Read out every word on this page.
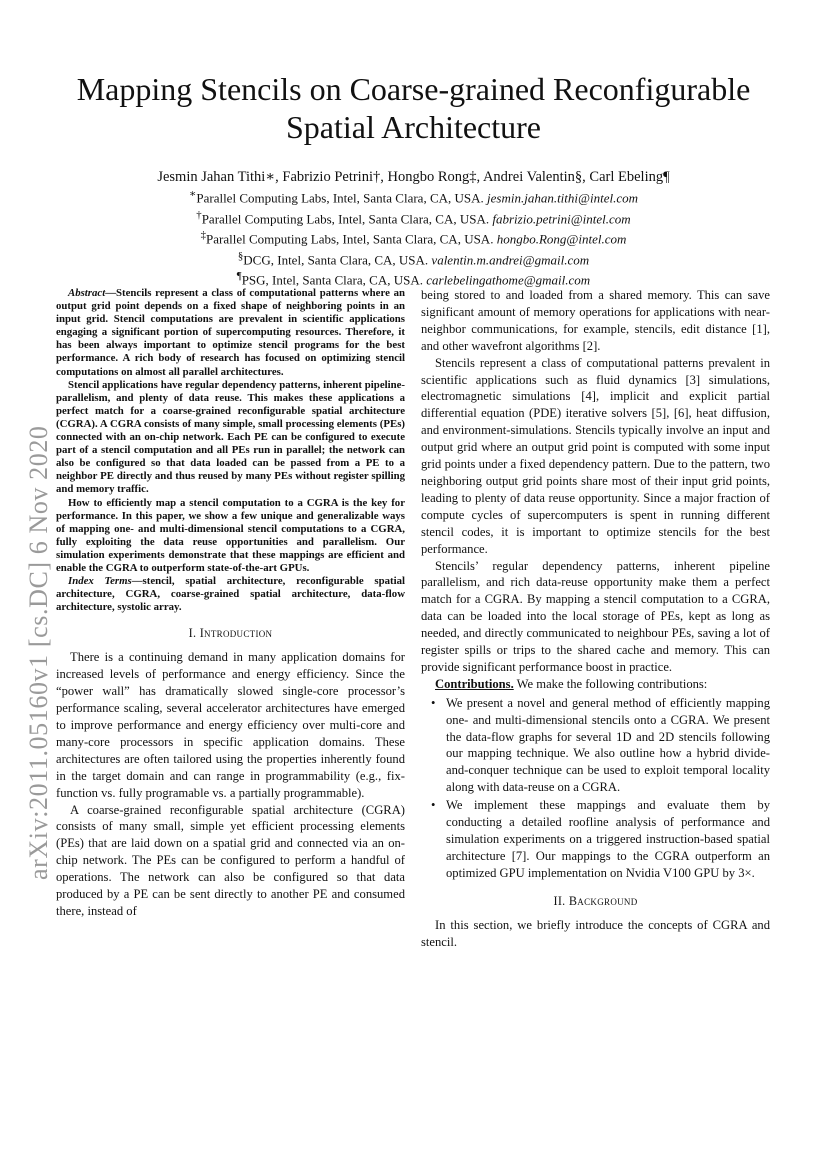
arXiv:2011.05160v1 [cs.DC] 6 Nov 2020
Mapping Stencils on Coarse-grained Reconfigurable
Spatial Architecture
Jesmin Jahan Tithi∗, Fabrizio Petrini†, Hongbo Rong‡, Andrei Valentin§, Carl Ebeling¶
∗Parallel Computing Labs, Intel, Santa Clara, CA, USA. jesmin.jahan.tithi@intel.com
†Parallel Computing Labs, Intel, Santa Clara, CA, USA. fabrizio.petrini@intel.com
‡Parallel Computing Labs, Intel, Santa Clara, CA, USA. hongbo.Rong@intel.com
§DCG, Intel, Santa Clara, CA, USA. valentin.m.andrei@gmail.com
¶PSG, Intel, Santa Clara, CA, USA. carlebelingathome@gmail.com

Abstract—Stencils represent a class of computational patterns where an output grid point depends on a fixed shape of neighboring points in an input grid. Stencil computations are prevalent in scientific applications engaging a significant portion of supercomputing resources. Therefore, it has been always important to optimize stencil programs for the best performance. A rich body of research has focused on optimizing stencil computations on almost all parallel architectures.

Stencil applications have regular dependency patterns, inherent pipeline-parallelism, and plenty of data reuse. This makes these applications a perfect match for a coarse-grained reconfigurable spatial architecture (CGRA). A CGRA consists of many simple, small processing elements (PEs) connected with an on-chip network. Each PE can be configured to execute part of a stencil computation and all PEs run in parallel; the network can also be configured so that data loaded can be passed from a PE to a neighbor PE directly and thus reused by many PEs without register spilling and memory traffic.

How to efficiently map a stencil computation to a CGRA is the key for performance. In this paper, we show a few unique and generalizable ways of mapping one- and multi-dimensional stencil computations to a CGRA, fully exploiting the data reuse opportunities and parallelism. Our simulation experiments demonstrate that these mappings are efficient and enable the CGRA to outperform state-of-the-art GPUs.

Index Terms—stencil, spatial architecture, reconfigurable spatial architecture, CGRA, coarse-grained spatial architecture, data-flow architecture, systolic array.

I. Introduction

There is a continuing demand in many application domains for increased levels of performance and energy efficiency. Since the “power wall” has dramatically slowed single-core processor’s performance scaling, several accelerator architectures have emerged to improve performance and energy efficiency over multi-core and many-core processors in specific application domains. These architectures are often tailored using the properties inherently found in the target domain and can range in programmability (e.g., fix-function vs. fully programable vs. a partially programmable).

A coarse-grained reconfigurable spatial architecture (CGRA) consists of many small, simple yet efficient processing elements (PEs) that are laid down on a spatial grid and connected via an on-chip network. The PEs can be configured to perform a handful of operations. The network can also be configured so that data produced by a PE can be sent directly to another PE and consumed there, instead of

being stored to and loaded from a shared memory. This can save significant amount of memory operations for applications with near-neighbor communications, for example, stencils, edit distance [1], and other wavefront algorithms [2].

Stencils represent a class of computational patterns prevalent in scientific applications such as fluid dynamics [3] simulations, electromagnetic simulations [4], implicit and explicit partial differential equation (PDE) iterative solvers [5], [6], heat diffusion, and environment-simulations. Stencils typically involve an input and output grid where an output grid point is computed with some input grid points under a fixed dependency pattern. Due to the pattern, two neighboring output grid points share most of their input grid points, leading to plenty of data reuse opportunity. Since a major fraction of compute cycles of supercomputers is spent in running different stencil codes, it is important to optimize stencils for the best performance.

Stencils’ regular dependency patterns, inherent pipeline parallelism, and rich data-reuse opportunity make them a perfect match for a CGRA. By mapping a stencil computation to a CGRA, data can be loaded into the local storage of PEs, kept as long as needed, and directly communicated to neighbour PEs, saving a lot of register spills or trips to the shared cache and memory. This can provide significant performance boost in practice.

Contributions. We make the following contributions:

• We present a novel and general method of efficiently mapping one- and multi-dimensional stencils onto a CGRA. We present the data-flow graphs for several 1D and 2D stencils following our mapping technique. We also outline how a hybrid divide-and-conquer technique can be used to exploit temporal locality along with data-reuse on a CGRA.
• We implement these mappings and evaluate them by conducting a detailed roofline analysis of performance and simulation experiments on a triggered instruction-based spatial architecture [7]. Our mappings to the CGRA outperform an optimized GPU implementation on Nvidia V100 GPU by 3×.
II. Background

In this section, we briefly introduce the concepts of CGRA and stencil.
